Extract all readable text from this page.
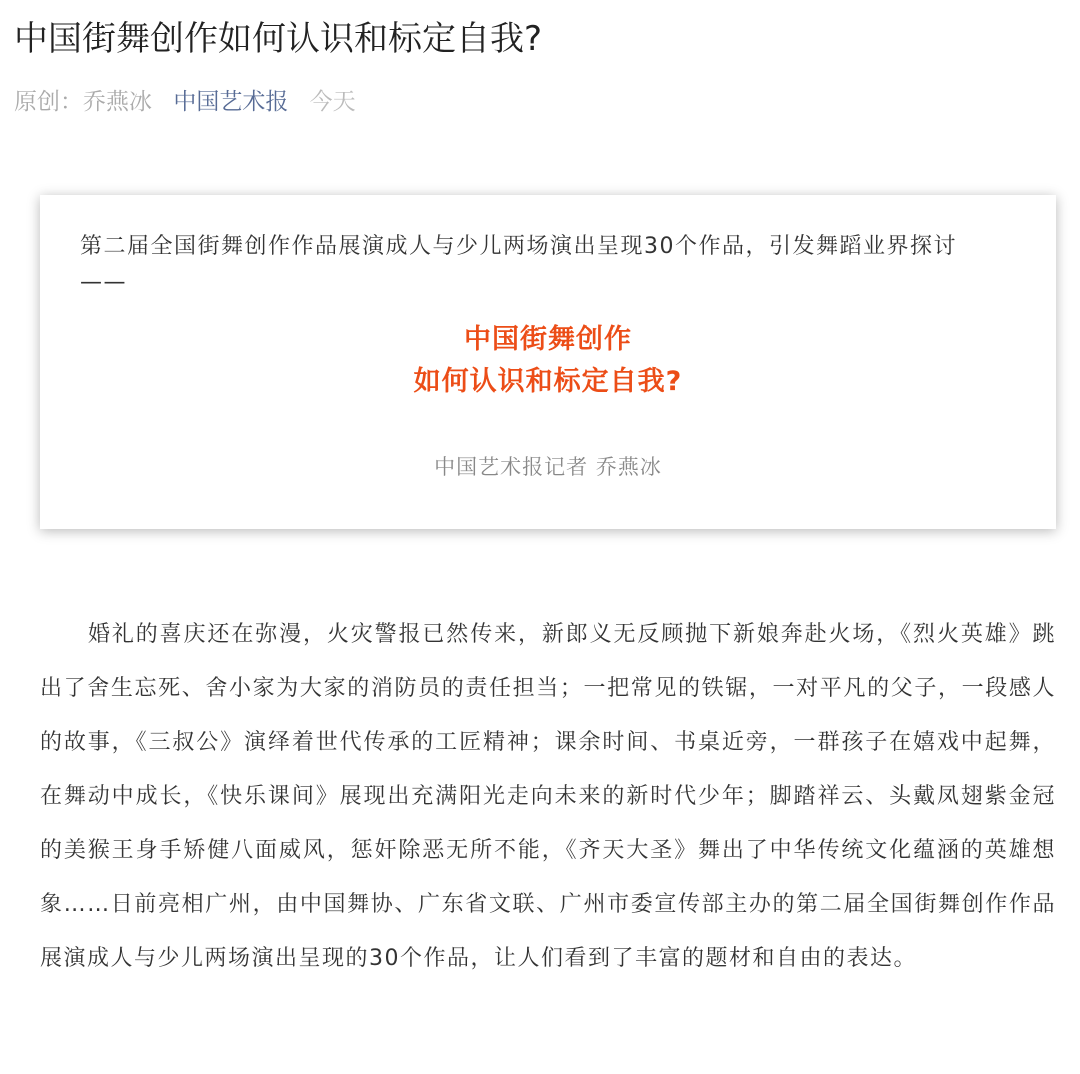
中国街舞创作如何认识和标定自我?
原创：乔燕冰 中国艺术报 今天
第二届全国街舞创作作品展演成人与少儿两场演出呈现30个作品，引发舞蹈业界探讨
——
中国街舞创作
如何认识和标定自我?
中国艺术报记者 乔燕冰

婚礼的喜庆还在弥漫，火灾警报已然传来，新郎义无反顾抛下新娘奔赴火场，《烈火英雄》跳出了舍生忘死、舍小家为大家的消防员的责任担当；一把常见的铁锯，一对平凡的父子，一段感人的故事，《三叔公》演绎着世代传承的工匠精神；课余时间、书桌近旁，一群孩子在嬉戏中起舞，在舞动中成长，《快乐课间》展现出充满阳光走向未来的新时代少年；脚踏祥云、头戴凤翅紫金冠的美猴王身手矫健八面威风，惩奸除恶无所不能，《齐天大圣》舞出了中华传统文化蕴涵的英雄想象……日前亮相广州，由中国舞协、广东省文联、广州市委宣传部主办的第二届全国街舞创作作品展演成人与少儿两场演出呈现的30个作品，让人们看到了丰富的题材和自由的表达。
